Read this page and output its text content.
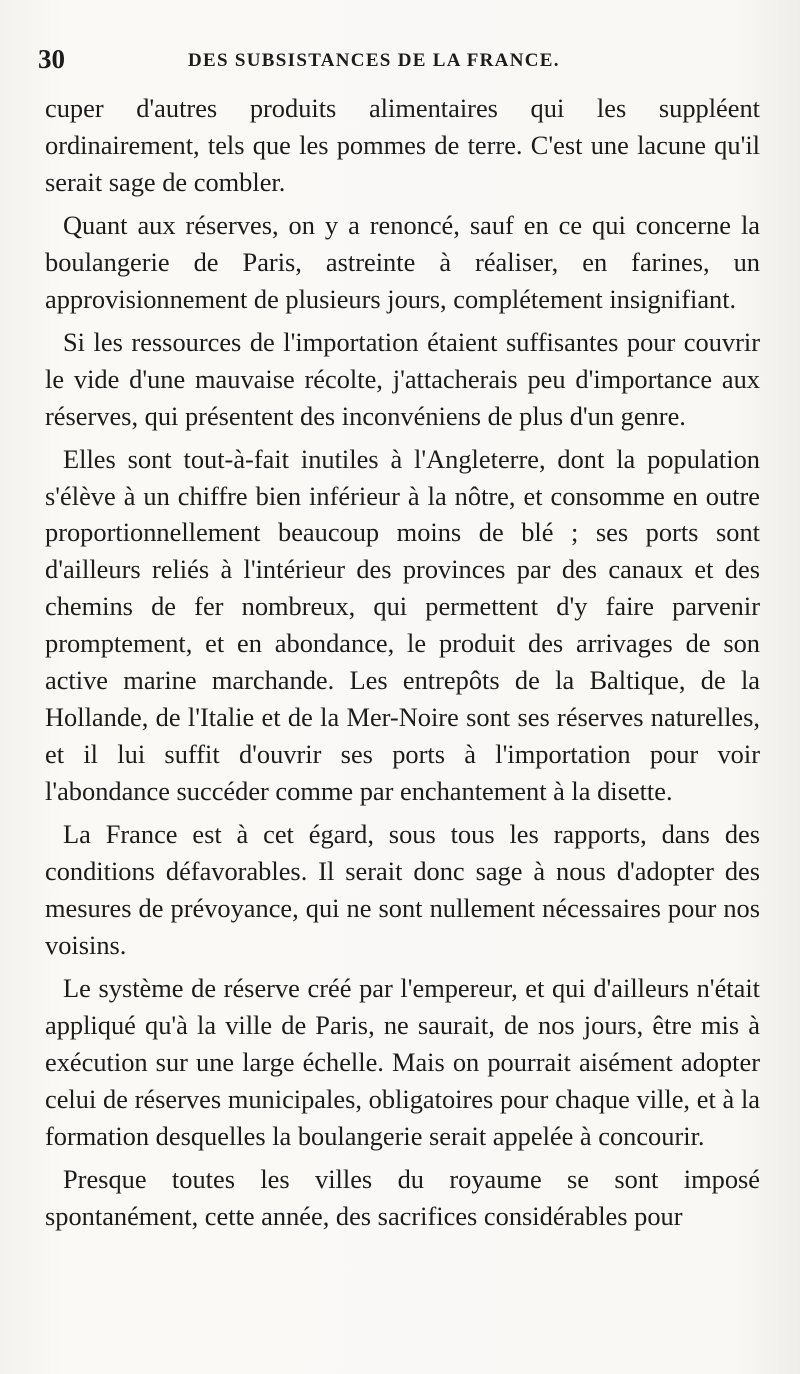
30	DES SUBSISTANCES DE LA FRANCE.

cuper d'autres produits alimentaires qui les suppléent ordinairement, tels que les pommes de terre. C'est une lacune qu'il serait sage de combler.

Quant aux réserves, on y a renoncé, sauf en ce qui concerne la boulangerie de Paris, astreinte à réaliser, en farines, un approvisionnement de plusieurs jours, complétement insignifiant.

Si les ressources de l'importation étaient suffisantes pour couvrir le vide d'une mauvaise récolte, j'attacherais peu d'importance aux réserves, qui présentent des inconvéniens de plus d'un genre.

Elles sont tout-à-fait inutiles à l'Angleterre, dont la population s'élève à un chiffre bien inférieur à la nôtre, et consomme en outre proportionnellement beaucoup moins de blé ; ses ports sont d'ailleurs reliés à l'intérieur des provinces par des canaux et des chemins de fer nombreux, qui permettent d'y faire parvenir promptement, et en abondance, le produit des arrivages de son active marine marchande. Les entrepôts de la Baltique, de la Hollande, de l'Italie et de la Mer-Noire sont ses réserves naturelles, et il lui suffit d'ouvrir ses ports à l'importation pour voir l'abondance succéder comme par enchantement à la disette.

La France est à cet égard, sous tous les rapports, dans des conditions défavorables. Il serait donc sage à nous d'adopter des mesures de prévoyance, qui ne sont nullement nécessaires pour nos voisins.

Le système de réserve créé par l'empereur, et qui d'ailleurs n'était appliqué qu'à la ville de Paris, ne saurait, de nos jours, être mis à exécution sur une large échelle. Mais on pourrait aisément adopter celui de réserves municipales, obligatoires pour chaque ville, et à la formation desquelles la boulangerie serait appelée à concourir.

Presque toutes les villes du royaume se sont imposé spontanément, cette année, des sacrifices considérables pour
